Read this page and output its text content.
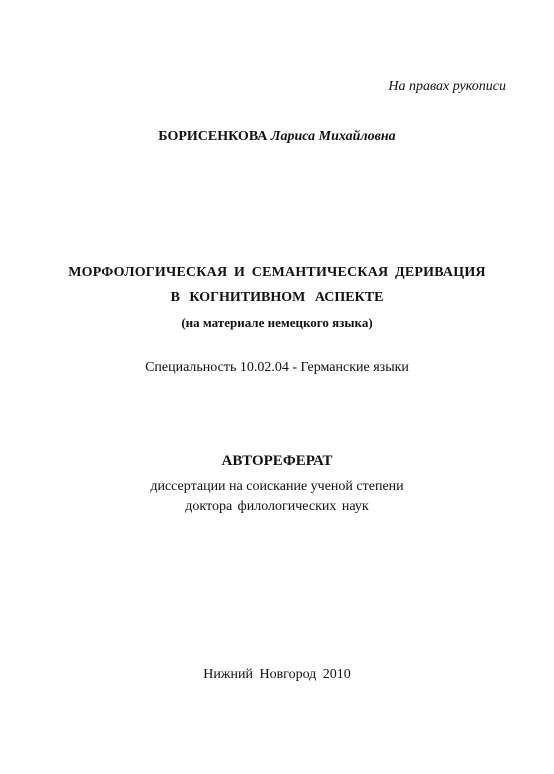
На правах рукописи
БОРИСЕНКОВА Лариса Михайловна
МОРФОЛОГИЧЕСКАЯ И СЕМАНТИЧЕСКАЯ ДЕРИВАЦИЯ
В КОГНИТИВНОМ АСПЕКТЕ
(на материале немецкого языка)
Специальность 10.02.04 - Германские языки
АВТОРЕФЕРАТ
диссертации на соискание ученой степени
доктора филологических наук
Нижний Новгород 2010
